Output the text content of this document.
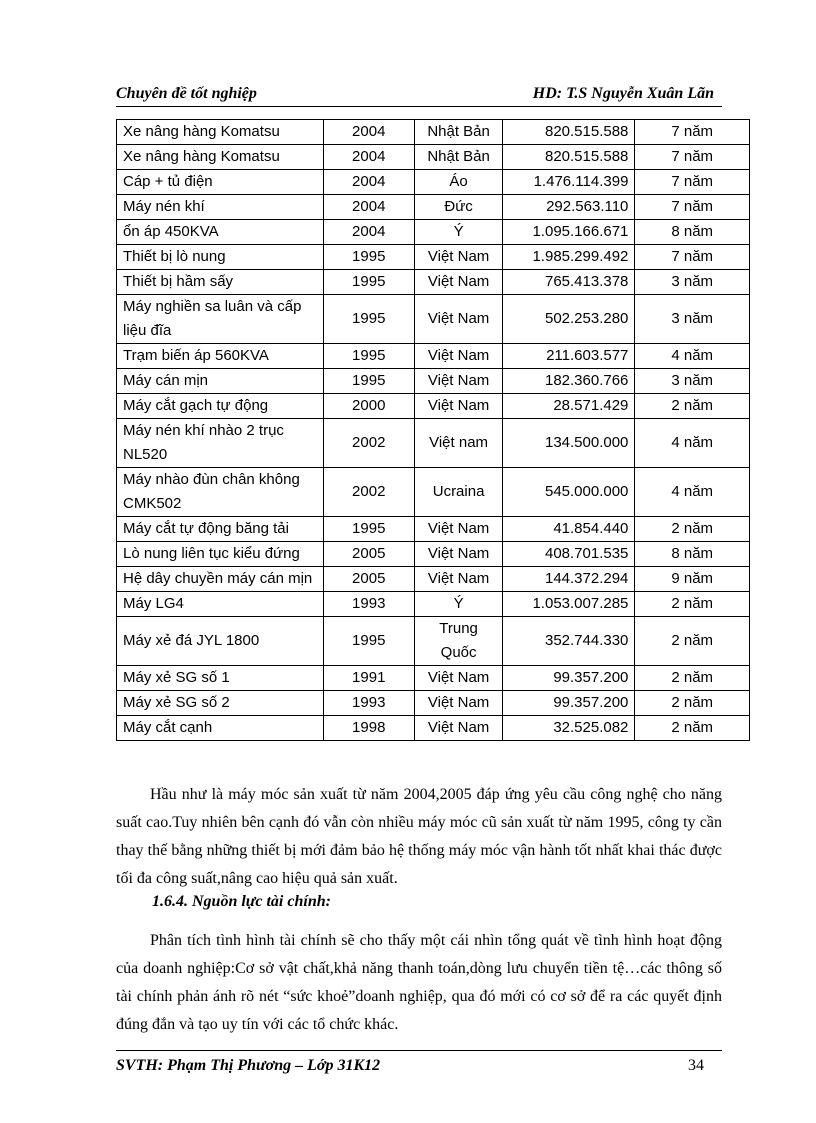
Chuyên đề tốt nghiệp	HD: T.S Nguyễn Xuân Lãn
Xe nâng hàng Komatsu	2004	Nhật Bản	820.515.588	7 năm
Xe nâng hàng Komatsu	2004	Nhật Bản	820.515.588	7 năm
Cáp + tủ điện	2004	Áo	1.476.114.399	7 năm
Máy nén khí	2004	Đức	292.563.110	7 năm
ổn áp 450KVA	2004	Ý	1.095.166.671	8 năm
Thiết bị lò nung	1995	Việt Nam	1.985.299.492	7 năm
Thiết bị hầm sấy	1995	Việt Nam	765.413.378	3 năm
Máy nghiền sa luân và cấp liệu đĩa	1995	Việt Nam	502.253.280	3 năm
Trạm biến áp 560KVA	1995	Việt Nam	211.603.577	4 năm
Máy cán mịn	1995	Việt Nam	182.360.766	3 năm
Máy cắt gạch tự động	2000	Việt Nam	28.571.429	2 năm
Máy nén khí nhào 2 trục NL520	2002	Việt nam	134.500.000	4 năm
Máy nhào đùn chân không CMK502	2002	Ucraina	545.000.000	4 năm
Máy cắt tự động băng tải	1995	Việt Nam	41.854.440	2 năm
Lò nung liên tục kiểu đứng	2005	Việt Nam	408.701.535	8 năm
Hệ dây chuyền máy cán mịn	2005	Việt Nam	144.372.294	9 năm
Máy LG4	1993	Ý	1.053.007.285	2 năm
Máy xẻ đá JYL 1800	1995	Trung Quốc	352.744.330	2 năm
Máy xẻ SG số 1	1991	Việt Nam	99.357.200	2 năm
Máy xẻ SG số 2	1993	Việt Nam	99.357.200	2 năm
Máy cắt cạnh	1998	Việt Nam	32.525.082	2 năm
Hầu như là máy móc sản xuất từ năm 2004,2005 đáp ứng yêu cầu công nghệ cho năng suất cao.Tuy nhiên bên cạnh đó vẫn còn nhiều máy móc cũ sản xuất từ năm 1995, công ty cần thay thế bằng những thiết bị mới đảm bảo hệ thống máy móc vận hành tốt nhất khai thác được tối đa công suất,nâng cao hiệu quả sản xuất.
1.6.4. Nguồn lực tài chính:
Phân tích tình hình tài chính sẽ cho thấy một cái nhìn tổng quát về tình hình hoạt động của doanh nghiệp:Cơ sở vật chất,khả năng thanh toán,dòng lưu chuyển tiền tệ…các thông số tài chính phản ánh rõ nét “sức khoẻ”doanh nghiệp, qua đó mới có cơ sở để ra các quyết định đúng đắn và tạo uy tín với các tổ chức khác.
SVTH: Phạm Thị Phương – Lớp 31K12	34
